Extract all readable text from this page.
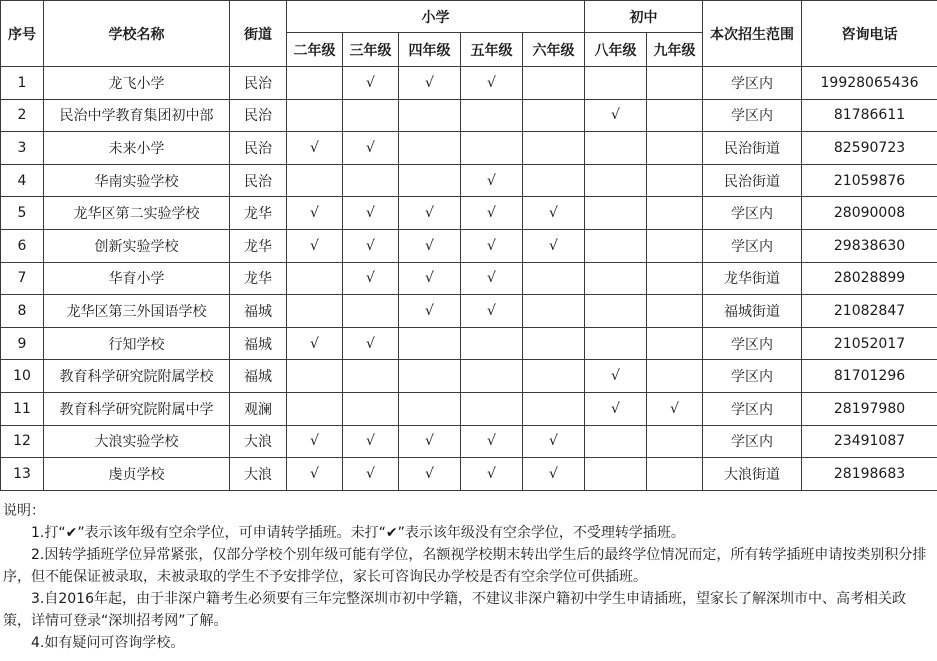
序号	学校名称	街道	小学					初中		本次招生范围	咨询电话
			二年级	三年级	四年级	五年级	六年级	八年级	九年级		
1	龙飞小学	民治		√	√	√				学区内	19928065436
2	民治中学教育集团初中部	民治						√		学区内	81786611
3	未来小学	民治	√	√						民治街道	82590723
4	华南实验学校	民治				√				民治街道	21059876
5	龙华区第二实验学校	龙华	√	√	√	√	√			学区内	28090008
6	创新实验学校	龙华	√	√	√	√	√			学区内	29838630
7	华育小学	龙华		√	√	√				龙华街道	28028899
8	龙华区第三外国语学校	福城			√	√				福城街道	21082847
9	行知学校	福城	√	√						学区内	21052017
10	教育科学研究院附属学校	福城						√		学区内	81701296
11	教育科学研究院附属中学	观澜						√	√	学区内	28197980
12	大浪实验学校	大浪	√	√	√	√	√			学区内	23491087
13	虔贞学校	大浪	√	√	√	√	√			大浪街道	28198683

说明：

1.打“✔”表示该年级有空余学位，可申请转学插班。未打“✔”表示该年级没有空余学位，不受理转学插班。

2.因转学插班学位异常紧张，仅部分学校个别年级可能有学位，名额视学校期末转出学生后的最终学位情况而定，所有转学插班申请按类别积分排序，但不能保证被录取，未被录取的学生不予安排学位，家长可咨询民办学校是否有空余学位可供插班。

3.自2016年起，由于非深户籍考生必须要有三年完整深圳市初中学籍，不建议非深户籍初中学生申请插班，望家长了解深圳市中、高考相关政策，详情可登录“深圳招考网”了解。

4.如有疑问可咨询学校。
